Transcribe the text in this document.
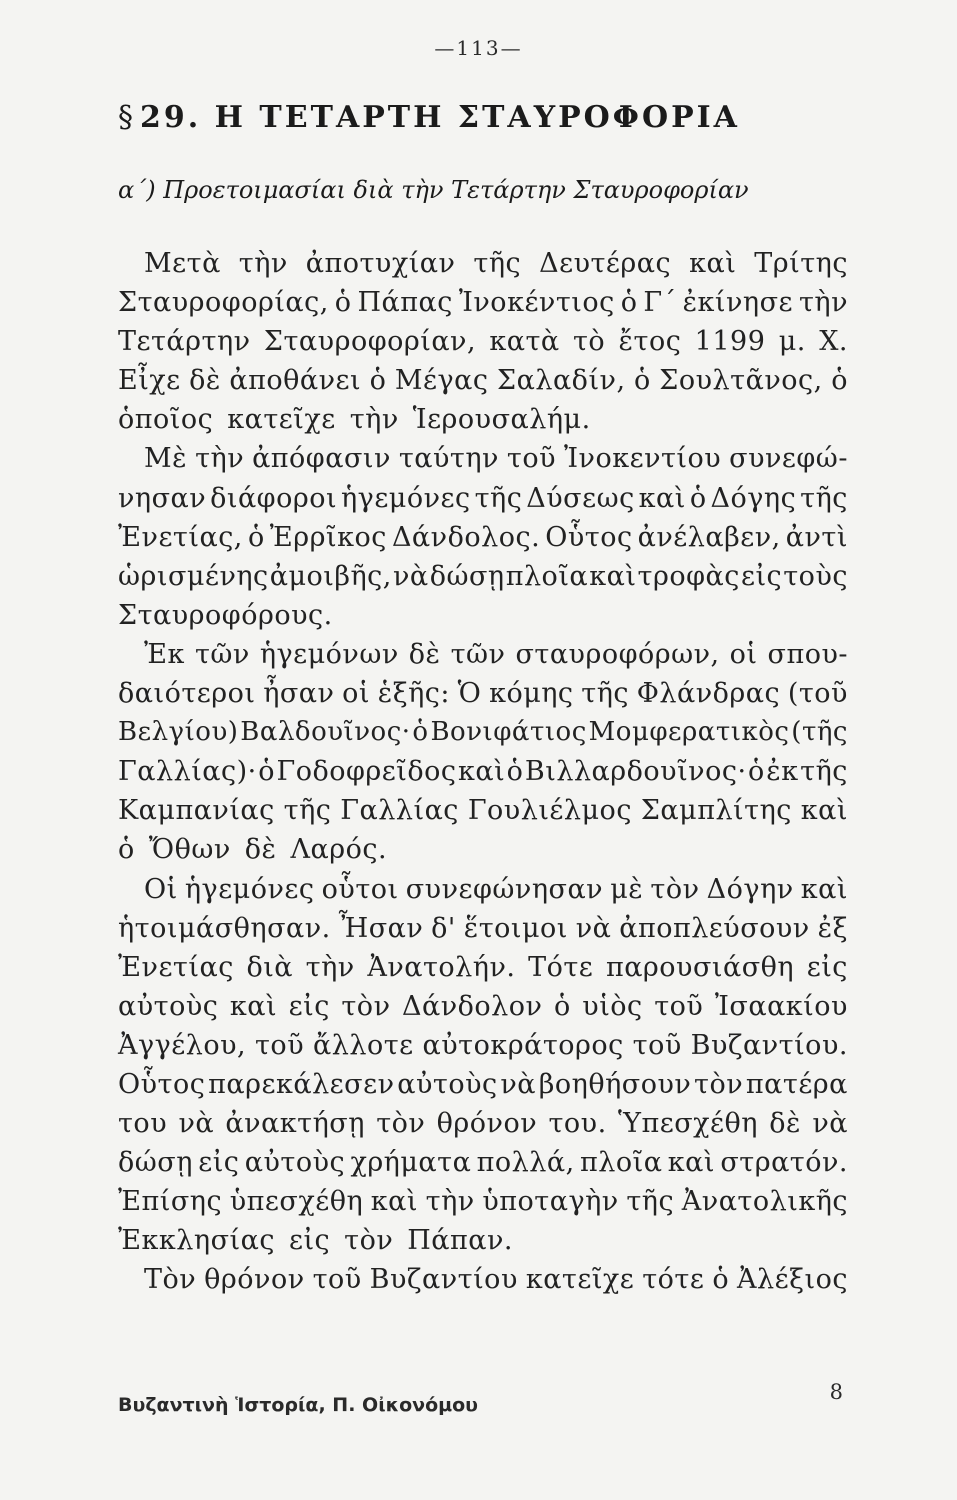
—113—
§ 29. Η ΤΕΤΑΡΤΗ ΣΤΑΥΡΟΦΟΡΙΑ
α΄) Προετοιμασίαι διὰ τὴν Τετάρτην Σταυροφορίαν
Μετὰ τὴν ἀποτυχίαν τῆς Δευτέρας καὶ Τρίτης
Σταυροφορίας, ὁ Πάπας Ἰνοκέντιος ὁ Γ΄ ἐκίνησε τὴν
Τετάρτην Σταυροφορίαν, κατὰ τὸ ἔτος 1199 μ. Χ.
Εἶχε δὲ ἀποθάνει ὁ Μέγας Σαλαδίν, ὁ Σουλτᾶνος, ὁ
ὁποῖος κατεῖχε τὴν Ἱερουσαλήμ.
Μὲ τὴν ἀπόφασιν ταύτην τοῦ Ἰνοκεντίου συνεφώ-
νησαν διάφοροι ἡγεμόνες τῆς Δύσεως καὶ ὁ Δόγης τῆς
Ἐνετίας, ὁ Ἐρρῖκος Δάνδολος. Οὗτος ἀνέλαβεν, ἀντὶ
ὡρισμένης ἀμοιβῆς, νὰ δώσῃ πλοῖα καὶ τροφὰς εἰς τοὺς
Σταυροφόρους.
Ἐκ τῶν ἡγεμόνων δὲ τῶν σταυροφόρων, οἱ σπου-
δαιότεροι ἦσαν οἱ ἑξῆς: Ὁ κόμης τῆς Φλάνδρας (τοῦ
Βελγίου) Βαλδουῖνος· ὁ Βονιφάτιος Μομφερατικὸς (τῆς
Γαλλίας)· ὁ Γοδοφρεῖδος καὶ ὁ Βιλλαρδουῖνος· ὁ ἐκ τῆς
Καμπανίας τῆς Γαλλίας Γουλιέλμος Σαμπλίτης καὶ
ὁ Ὄθων δὲ Λαρός.
Οἱ ἡγεμόνες οὗτοι συνεφώνησαν μὲ τὸν Δόγην καὶ
ἡτοιμάσθησαν. Ἦσαν δ' ἕτοιμοι νὰ ἀποπλεύσουν ἐξ
Ἐνετίας διὰ τὴν Ἀνατολήν. Τότε παρουσιάσθη εἰς
αὐτοὺς καὶ εἰς τὸν Δάνδολον ὁ υἱὸς τοῦ Ἰσαακίου
Ἀγγέλου, τοῦ ἄλλοτε αὐτοκράτορος τοῦ Βυζαντίου.
Οὗτος παρεκάλεσεν αὐτοὺς νὰ βοηθήσουν τὸν πατέρα
του νὰ ἀνακτήσῃ τὸν θρόνον του. Ὑπεσχέθη δὲ νὰ
δώσῃ εἰς αὐτοὺς χρήματα πολλά, πλοῖα καὶ στρατόν.
Ἐπίσης ὑπεσχέθη καὶ τὴν ὑποταγὴν τῆς Ἀνατολικῆς
Ἐκκλησίας εἰς τὸν Πάπαν.
Τὸν θρόνον τοῦ Βυζαντίου κατεῖχε τότε ὁ Ἀλέξιος
Βυζαντινὴ Ἱστορία, Π. Οἰκονόμου
8
